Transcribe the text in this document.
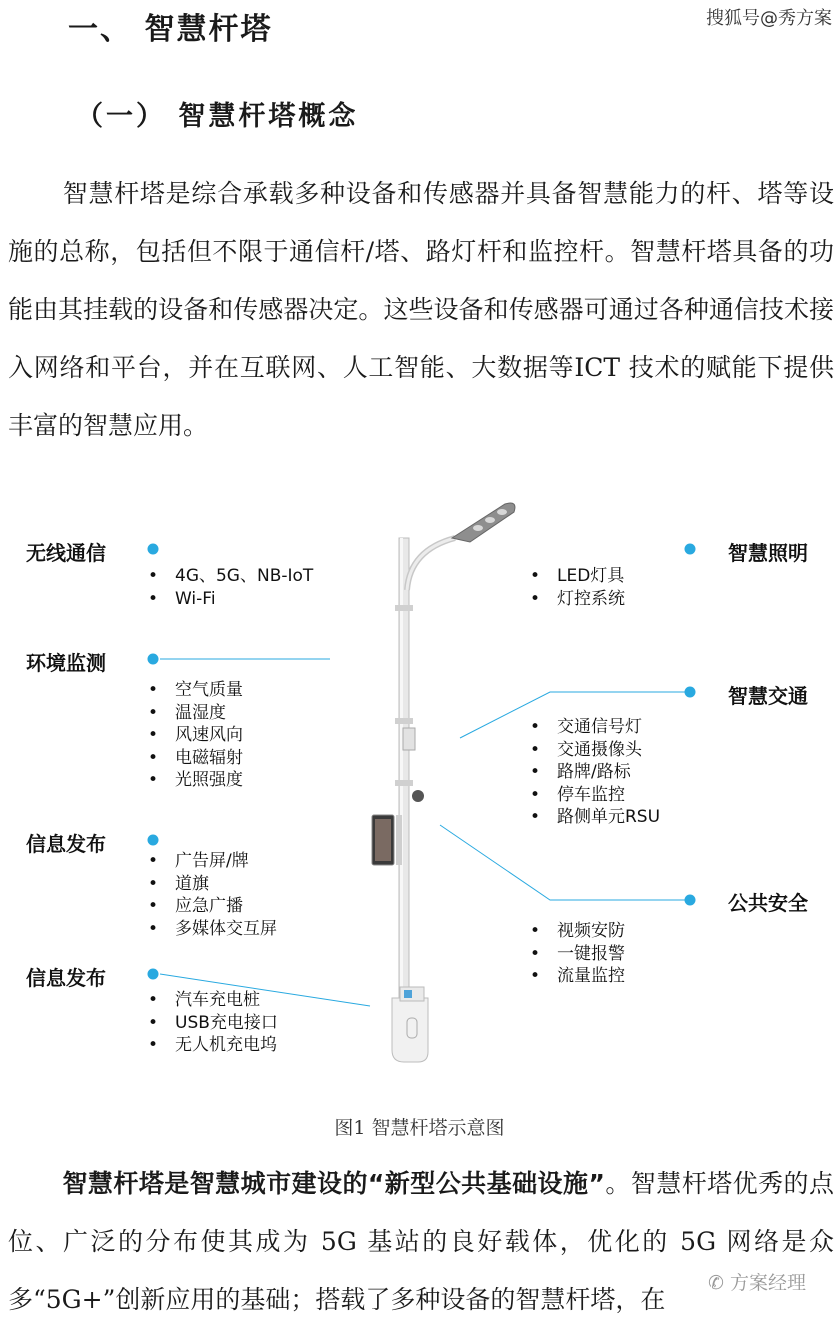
一、 智慧杆塔	搜狐号@秀方案
（一） 智慧杆塔概念
智慧杆塔是综合承载多种设备和传感器并具备智慧能力的杆、塔等设施的总称，包括但不限于通信杆/塔、路灯杆和监控杆。智慧杆塔具备的功能由其挂载的设备和传感器决定。这些设备和传感器可通过各种通信技术接入网络和平台，并在互联网、人工智能、大数据等ICT 技术的赋能下提供丰富的智慧应用。
无线通信
• 4G、5G、NB-IoT
• Wi-Fi
环境监测
• 空气质量
• 温湿度
• 风速风向
• 电磁辐射
• 光照强度
信息发布
• 广告屏/牌
• 道旗
• 应急广播
• 多媒体交互屏
信息发布
• 汽车充电桩
• USB充电接口
• 无人机充电坞
智慧照明
• LED灯具
• 灯控系统
智慧交通
• 交通信号灯
• 交通摄像头
• 路牌/路标
• 停车监控
• 路侧单元RSU
公共安全
• 视频安防
• 一键报警
• 流量监控
图1 智慧杆塔示意图
智慧杆塔是智慧城市建设的“新型公共基础设施”。智慧杆塔优秀的点位、广泛的分布使其成为 5G 基站的良好载体，优化的 5G 网络是众多“5G+”创新应用的基础；搭载了多种设备的智慧杆塔，在
✆ 方案经理
